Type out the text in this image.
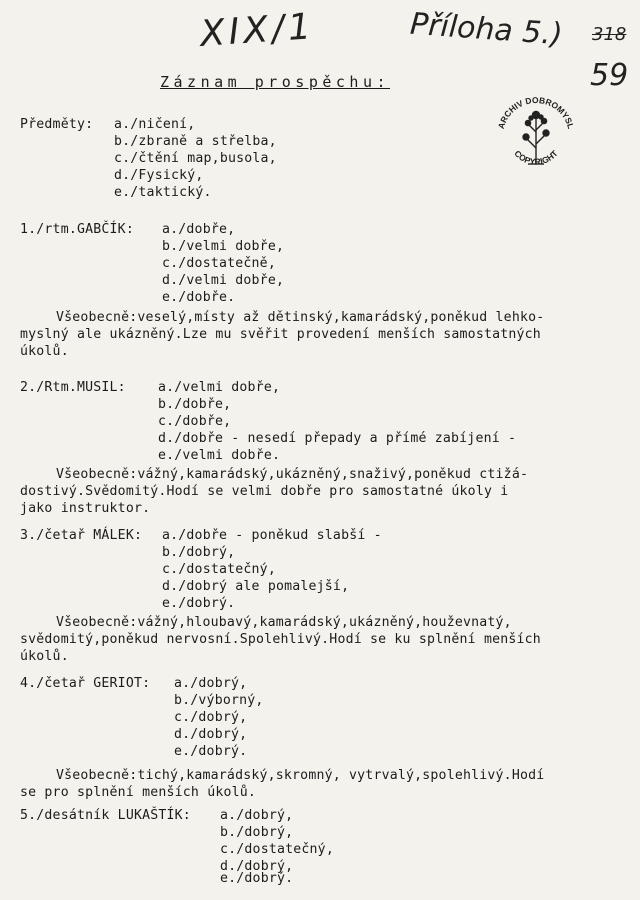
XIX/1	Příloha 5.) 318
59
ARCHIV DOBROMYSL
COPYRIGHT
Záznam prospěchu:
Předměty: a./ničení,
b./zbraně a střelba,
c./čtění map,busola,
d./Fysický,
e./taktický.
1./rtm.GABČÍK: a./dobře,
b./velmi dobře,
c./dostatečně,
d./velmi dobře,
e./dobře.
Všeobecně:veselý,místy až dětinský,kamarádský,poněkud lehko-
myslný ale ukázněný.Lze mu svěřit provedení menších samostatných
úkolů.
2./Rtm.MUSIL: a./velmi dobře,
b./dobře,
c./dobře,
d./dobře - nesedí přepady a přímé zabíjení -
e./velmi dobře.
Všeobecně:vážný,kamarádský,ukázněný,snaživý,poněkud ctižá-
dostivý.Svědomitý.Hodí se velmi dobře pro samostatné úkoly i
jako instruktor.
3./četař MÁLEK: a./dobře - poněkud slabší -
b./dobrý,
c./dostatečný,
d./dobrý ale pomalejší,
e./dobrý.
Všeobecně:vážný,hloubavý,kamarádský,ukázněný,houževnatý,
svědomitý,poněkud nervosní.Spolehlivý.Hodí se ku splnění menších
úkolů.
4./četař GERIOT: a./dobrý,
b./výborný,
c./dobrý,
d./dobrý,
e./dobrý.
Všeobecně:tichý,kamarádský,skromný, vytrvalý,spolehlivý.Hodí
se pro splnění menších úkolů.
5./desátník LUKAŠTÍK: a./dobrý,
b./dobrý,
c./dostatečný,
d./dobrý,
e./dobrý.
